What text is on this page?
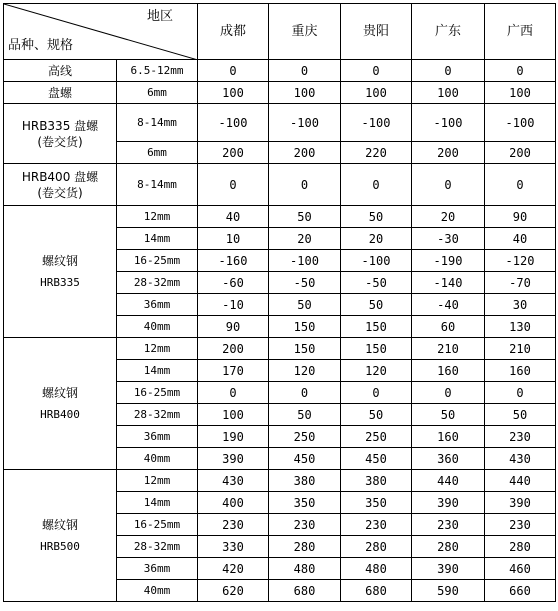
地区
品种、规格		成都	重庆	贵阳	广东	广西

高线	6.5-12mm	0	0	0	0	0

盘螺	6mm	100	100	100	100	100

HRB335 盘螺
(卷交货)	8-14mm	-100	-100	-100	-100	-100
	6mm	200	200	220	200	200

HRB400 盘螺
(卷交货)	8-14mm	0	0	0	0	0

螺纹钢
HRB335	12mm	40	50	50	20	90
	14mm	10	20	20	-30	40
	16-25mm	-160	-100	-100	-190	-120
	28-32mm	-60	-50	-50	-140	-70
	36mm	-10	50	50	-40	30
	40mm	90	150	150	60	130

螺纹钢
HRB400	12mm	200	150	150	210	210
	14mm	170	120	120	160	160
	16-25mm	0	0	0	0	0
	28-32mm	100	50	50	50	50
	36mm	190	250	250	160	230
	40mm	390	450	450	360	430

螺纹钢
HRB500	12mm	430	380	380	440	440
	14mm	400	350	350	390	390
	16-25mm	230	230	230	230	230
	28-32mm	330	280	280	280	280
	36mm	420	480	480	390	460
	40mm	620	680	680	590	660
